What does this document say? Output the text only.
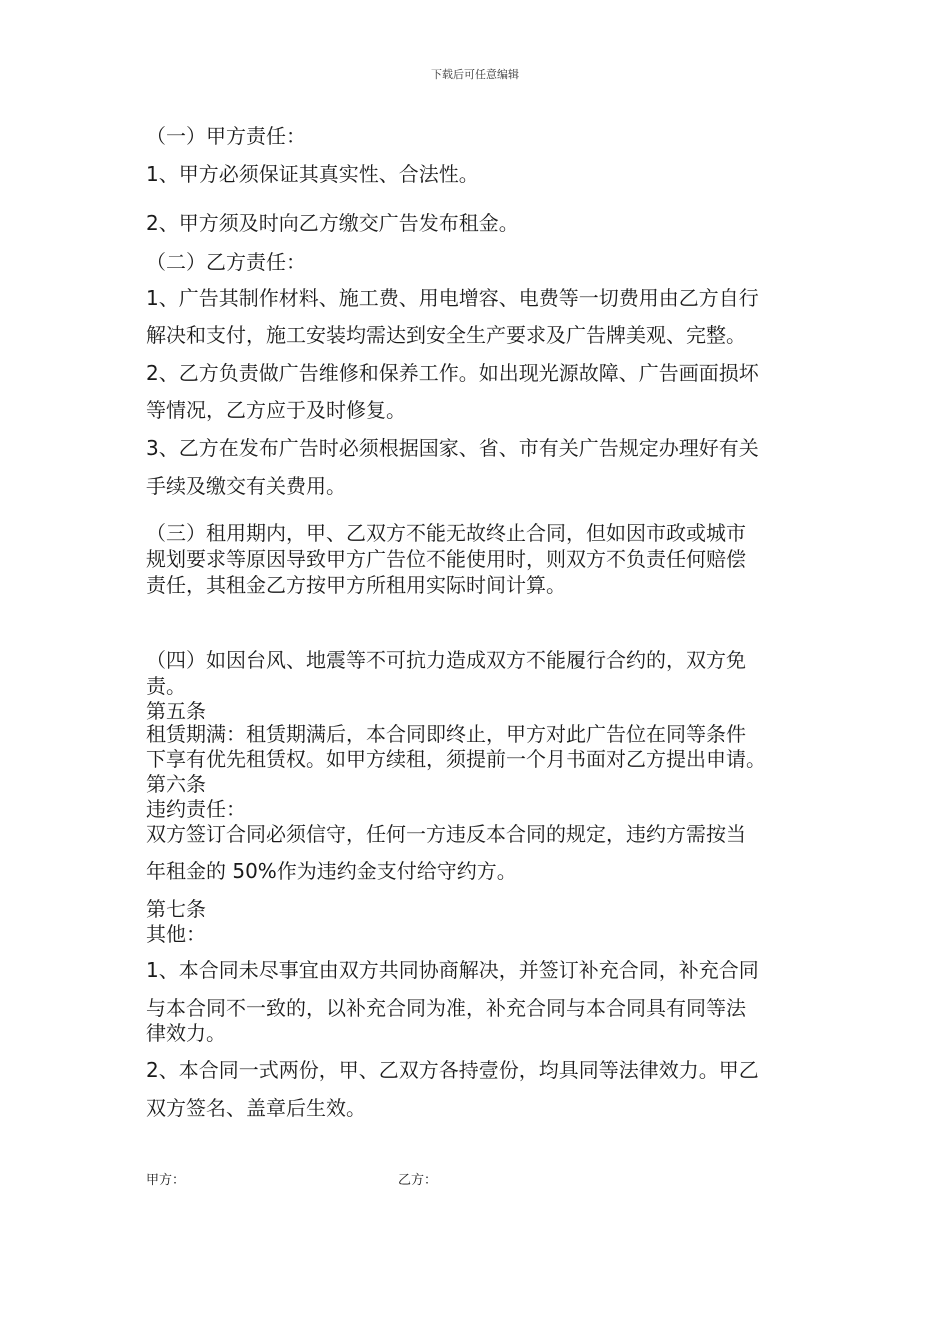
下载后可任意编辑
（一）甲方责任：
1、甲方必须保证其真实性、合法性。
2、甲方须及时向乙方缴交广告发布租金。
（二）乙方责任：
1、广告其制作材料、施工费、用电增容、电费等一切费用由乙方自行
解决和支付，施工安装均需达到安全生产要求及广告牌美观、完整。
2、乙方负责做广告维修和保养工作。如出现光源故障、广告画面损坏
等情况，乙方应于及时修复。
3、乙方在发布广告时必须根据国家、省、市有关广告规定办理好有关
手续及缴交有关费用。
（三）租用期内，甲、乙双方不能无故终止合同，但如因市政或城市
规划要求等原因导致甲方广告位不能使用时，则双方不负责任何赔偿
责任，其租金乙方按甲方所租用实际时间计算。
（四）如因台风、地震等不可抗力造成双方不能履行合约的，双方免
责。
第五条
租赁期满：租赁期满后，本合同即终止，甲方对此广告位在同等条件
下享有优先租赁权。如甲方续租，须提前一个月书面对乙方提出申请。
第六条
违约责任：
双方签订合同必须信守，任何一方违反本合同的规定，违约方需按当
年租金的 50%作为违约金支付给守约方。
第七条
其他：
1、本合同未尽事宜由双方共同协商解决，并签订补充合同，补充合同
与本合同不一致的，以补充合同为准，补充合同与本合同具有同等法
律效力。
2、本合同一式两份，甲、乙双方各持壹份，均具同等法律效力。甲乙
双方签名、盖章后生效。
甲方：	乙方：
